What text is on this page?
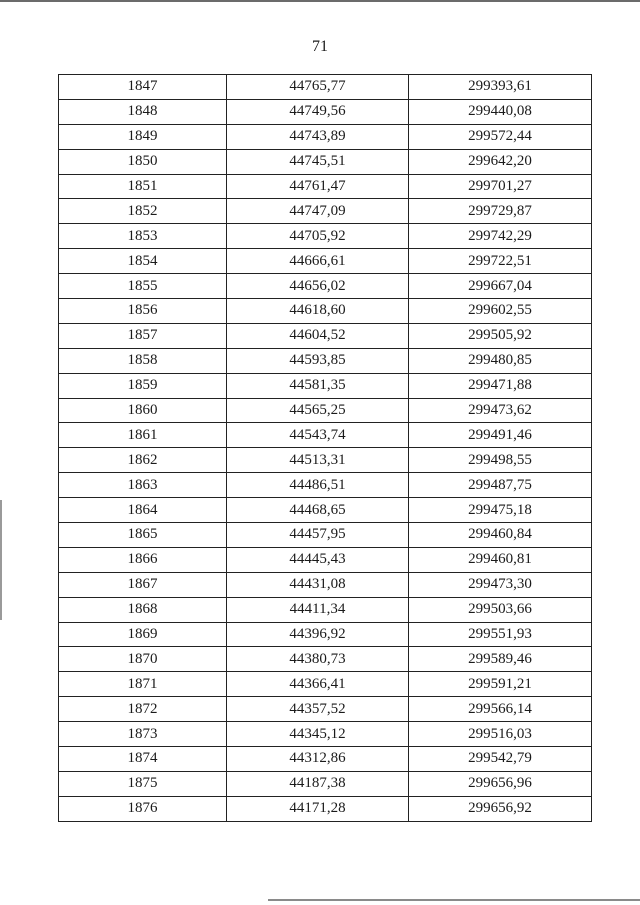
71
1847	44765,77	299393,61
1848	44749,56	299440,08
1849	44743,89	299572,44
1850	44745,51	299642,20
1851	44761,47	299701,27
1852	44747,09	299729,87
1853	44705,92	299742,29
1854	44666,61	299722,51
1855	44656,02	299667,04
1856	44618,60	299602,55
1857	44604,52	299505,92
1858	44593,85	299480,85
1859	44581,35	299471,88
1860	44565,25	299473,62
1861	44543,74	299491,46
1862	44513,31	299498,55
1863	44486,51	299487,75
1864	44468,65	299475,18
1865	44457,95	299460,84
1866	44445,43	299460,81
1867	44431,08	299473,30
1868	44411,34	299503,66
1869	44396,92	299551,93
1870	44380,73	299589,46
1871	44366,41	299591,21
1872	44357,52	299566,14
1873	44345,12	299516,03
1874	44312,86	299542,79
1875	44187,38	299656,96
1876	44171,28	299656,92
